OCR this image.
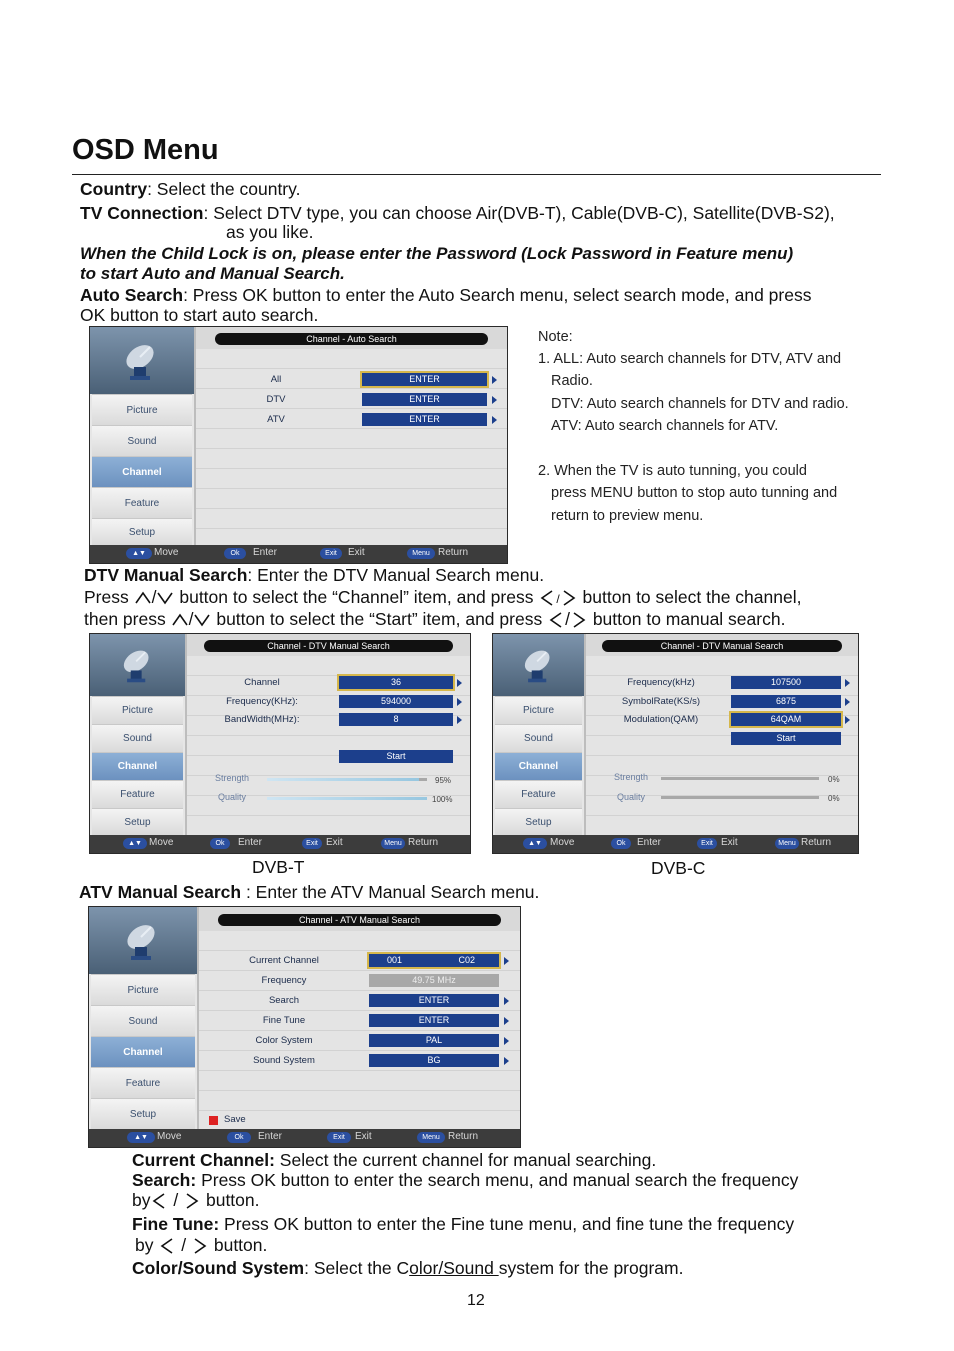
OSD Menu
Country: Select the country.
TV Connection: Select DTV type, you can choose Air(DVB-T), Cable(DVB-C), Satellite(DVB-S2),
as you like.
When the Child Lock is on, please enter the Password (Lock Password in Feature menu)
to start Auto and Manual Search.
Auto Search: Press OK button to enter the Auto Search menu, select search mode, and press
OK button to start auto search.
Picture
Sound
Channel
Feature
Setup
Channel - Auto Search
All	ENTER
DTV	ENTER
ATV	ENTER
▲▼ Move	Ok	Enter	Exit	Exit	Menu Return
Note:
1. ALL: Auto search channels for DTV, ATV and
Radio.
DTV: Auto search channels for DTV and radio.
ATV: Auto search channels for ATV.
2. When the TV is auto tunning, you could
press MENU button to stop auto tunning and
return to preview menu.
DTV Manual Search: Enter the DTV Manual Search menu.
Press / button to select the “Channel” item, and press / button to select the channel,
then press / button to select the “Start” item, and press / button to manual search.
Picture
Sound
Channel
Feature
Setup
Channel - DTV Manual Search
Channel	36
Frequency(KHz):	594000
BandWidth(MHz):	8
Start
Strength	95%
Quality	100%
▲▼ Move	Ok	Enter	Exit Exit	Menu Return
Picture
Sound
Channel
Feature
Setup
Channel - DTV Manual Search
Frequency(kHz)	107500
SymbolRate(KS/s)	6875
Modulation(QAM)	64QAM
Start
Strength	0%
Quality	0%
▲▼ Move	Ok	Enter	Exit Exit	Menu Return
DVB-T	DVB-C
ATV Manual Search : Enter the ATV Manual Search menu.
Picture
Sound
Channel
Feature
Setup
Channel - ATV Manual Search
Current Channel	001	C02
Frequency	49.75 MHz
Search	ENTER
Fine Tune	ENTER
Color System	PAL
Sound System	BG
Save
▲▼ Move	Ok	Enter	Exit	Exit	Menu Return
Current Channel: Select the current channel for manual searching.
Search: Press OK button to enter the search menu, and manual search the frequency
by / button.
Fine Tune: Press OK button to enter the Fine tune menu, and fine tune the frequency
by / button.
Color/Sound System: Select the Color/Sound system for the program.
12
